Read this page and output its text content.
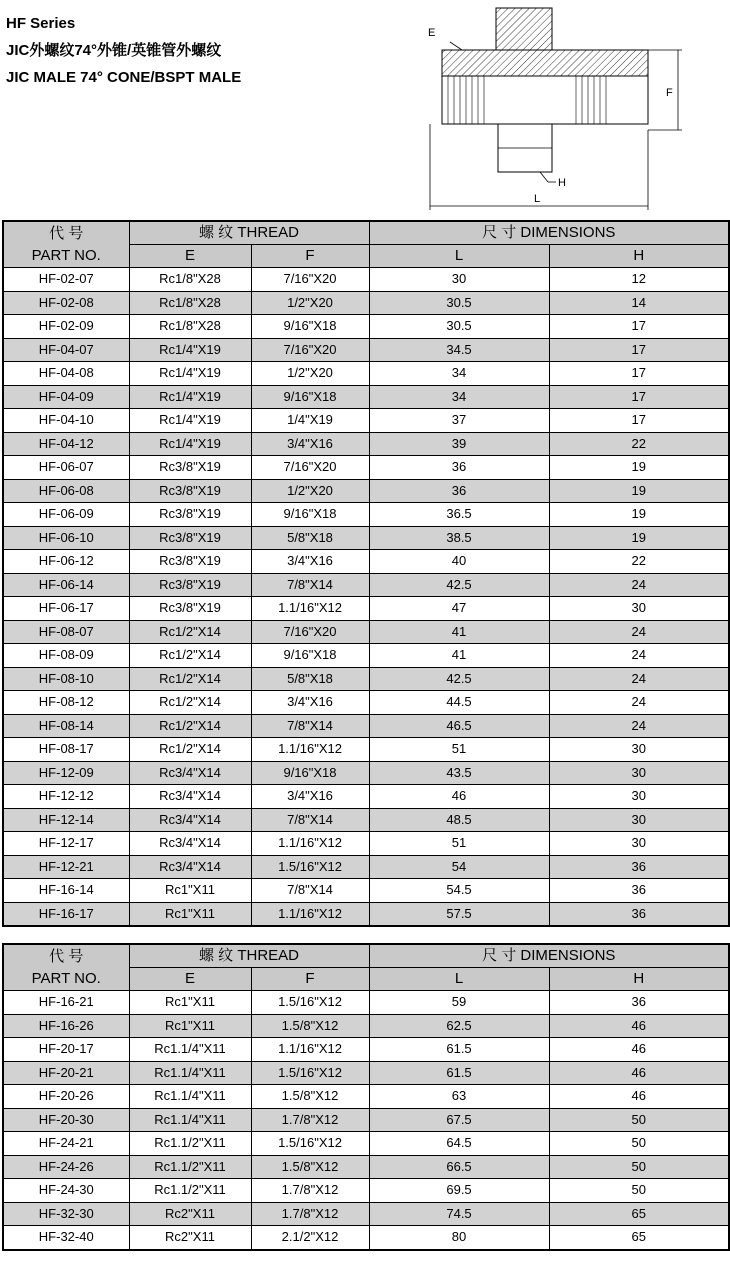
HF Series
JIC外螺纹74°外锥/英锥管外螺纹
JIC MALE 74° CONE/BSPT MALE
F
L
H
E
代 号
PART NO.	螺 纹 THREAD		尺 寸 DIMENSIONS	
	E	F	L	H
HF-02-07	Rc1/8"X28	7/16"X20	30	12
HF-02-08	Rc1/8"X28	1/2"X20	30.5	14
HF-02-09	Rc1/8"X28	9/16"X18	30.5	17
HF-04-07	Rc1/4"X19	7/16"X20	34.5	17
HF-04-08	Rc1/4"X19	1/2"X20	34	17
HF-04-09	Rc1/4"X19	9/16"X18	34	17
HF-04-10	Rc1/4"X19	1/4"X19	37	17
HF-04-12	Rc1/4"X19	3/4"X16	39	22
HF-06-07	Rc3/8"X19	7/16"X20	36	19
HF-06-08	Rc3/8"X19	1/2"X20	36	19
HF-06-09	Rc3/8"X19	9/16"X18	36.5	19
HF-06-10	Rc3/8"X19	5/8"X18	38.5	19
HF-06-12	Rc3/8"X19	3/4"X16	40	22
HF-06-14	Rc3/8"X19	7/8"X14	42.5	24
HF-06-17	Rc3/8"X19	1.1/16"X12	47	30
HF-08-07	Rc1/2"X14	7/16"X20	41	24
HF-08-09	Rc1/2"X14	9/16"X18	41	24
HF-08-10	Rc1/2"X14	5/8"X18	42.5	24
HF-08-12	Rc1/2"X14	3/4"X16	44.5	24
HF-08-14	Rc1/2"X14	7/8"X14	46.5	24
HF-08-17	Rc1/2"X14	1.1/16"X12	51	30
HF-12-09	Rc3/4"X14	9/16"X18	43.5	30
HF-12-12	Rc3/4"X14	3/4"X16	46	30
HF-12-14	Rc3/4"X14	7/8"X14	48.5	30
HF-12-17	Rc3/4"X14	1.1/16"X12	51	30
HF-12-21	Rc3/4"X14	1.5/16"X12	54	36
HF-16-14	Rc1"X11	7/8"X14	54.5	36
HF-16-17	Rc1"X11	1.1/16"X12	57.5	36
代 号
PART NO.	螺 纹 THREAD		尺 寸 DIMENSIONS	
	E	F	L	H
HF-16-21	Rc1"X11	1.5/16"X12	59	36
HF-16-26	Rc1"X11	1.5/8"X12	62.5	46
HF-20-17	Rc1.1/4"X11	1.1/16"X12	61.5	46
HF-20-21	Rc1.1/4"X11	1.5/16"X12	61.5	46
HF-20-26	Rc1.1/4"X11	1.5/8"X12	63	46
HF-20-30	Rc1.1/4"X11	1.7/8"X12	67.5	50
HF-24-21	Rc1.1/2"X11	1.5/16"X12	64.5	50
HF-24-26	Rc1.1/2"X11	1.5/8"X12	66.5	50
HF-24-30	Rc1.1/2"X11	1.7/8"X12	69.5	50
HF-32-30	Rc2"X11	1.7/8"X12	74.5	65
HF-32-40	Rc2"X11	2.1/2"X12	80	65
